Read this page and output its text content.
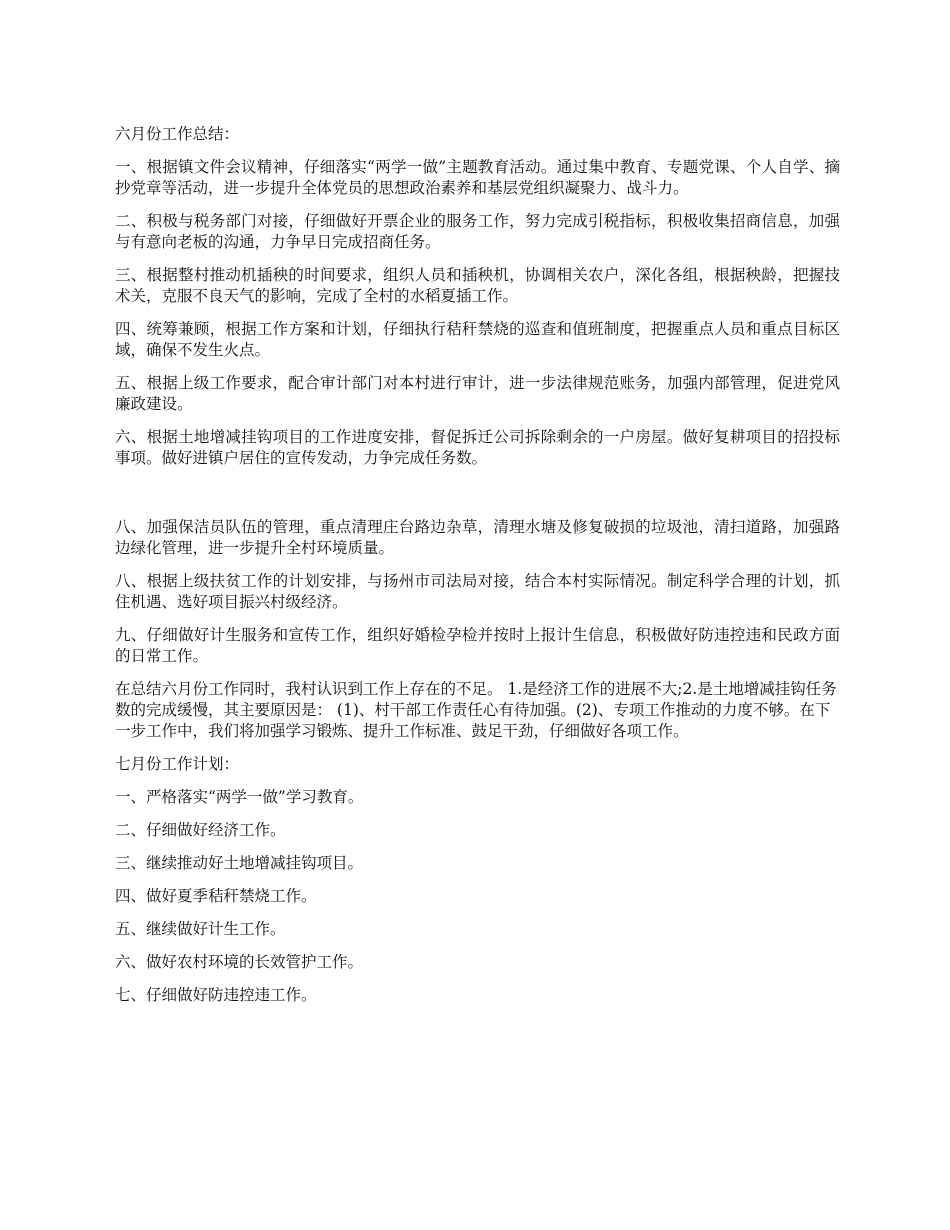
六月份工作总结：

一、根据镇文件会议精神，仔细落实“两学一做”主题教育活动。通过集中教育、专题党课、个人自学、摘抄党章等活动，进一步提升全体党员的思想政治素养和基层党组织凝聚力、战斗力。

二、积极与税务部门对接，仔细做好开票企业的服务工作，努力完成引税指标，积极收集招商信息，加强与有意向老板的沟通，力争早日完成招商任务。

三、根据整村推动机插秧的时间要求，组织人员和插秧机，协调相关农户，深化各组，根据秧龄，把握技术关，克服不良天气的影响，完成了全村的水稻夏插工作。

四、统筹兼顾，根据工作方案和计划，仔细执行秸秆禁烧的巡查和值班制度，把握重点人员和重点目标区域，确保不发生火点。

五、根据上级工作要求，配合审计部门对本村进行审计，进一步法律规范账务，加强内部管理，促进党风廉政建设。

六、根据土地增减挂钩项目的工作进度安排，督促拆迁公司拆除剩余的一户房屋。做好复耕项目的招投标事项。做好进镇户居住的宣传发动，力争完成任务数。

八、加强保洁员队伍的管理，重点清理庄台路边杂草，清理水塘及修复破损的垃圾池，清扫道路，加强路边绿化管理，进一步提升全村环境质量。

八、根据上级扶贫工作的计划安排，与扬州市司法局对接，结合本村实际情况。制定科学合理的计划，抓住机遇、选好项目振兴村级经济。

九、仔细做好计生服务和宣传工作，组织好婚检孕检并按时上报计生信息，积极做好防违控违和民政方面的日常工作。

在总结六月份工作同时，我村认识到工作上存在的不足。 1.是经济工作的进展不大;2.是土地增减挂钩任务数的完成缓慢，其主要原因是： (1)、村干部工作责任心有待加强。(2)、专项工作推动的力度不够。在下一步工作中，我们将加强学习锻炼、提升工作标准、鼓足干劲，仔细做好各项工作。

七月份工作计划：

一、严格落实“两学一做”学习教育。

二、仔细做好经济工作。

三、继续推动好土地增减挂钩项目。

四、做好夏季秸秆禁烧工作。

五、继续做好计生工作。

六、做好农村环境的长效管护工作。

七、仔细做好防违控违工作。
